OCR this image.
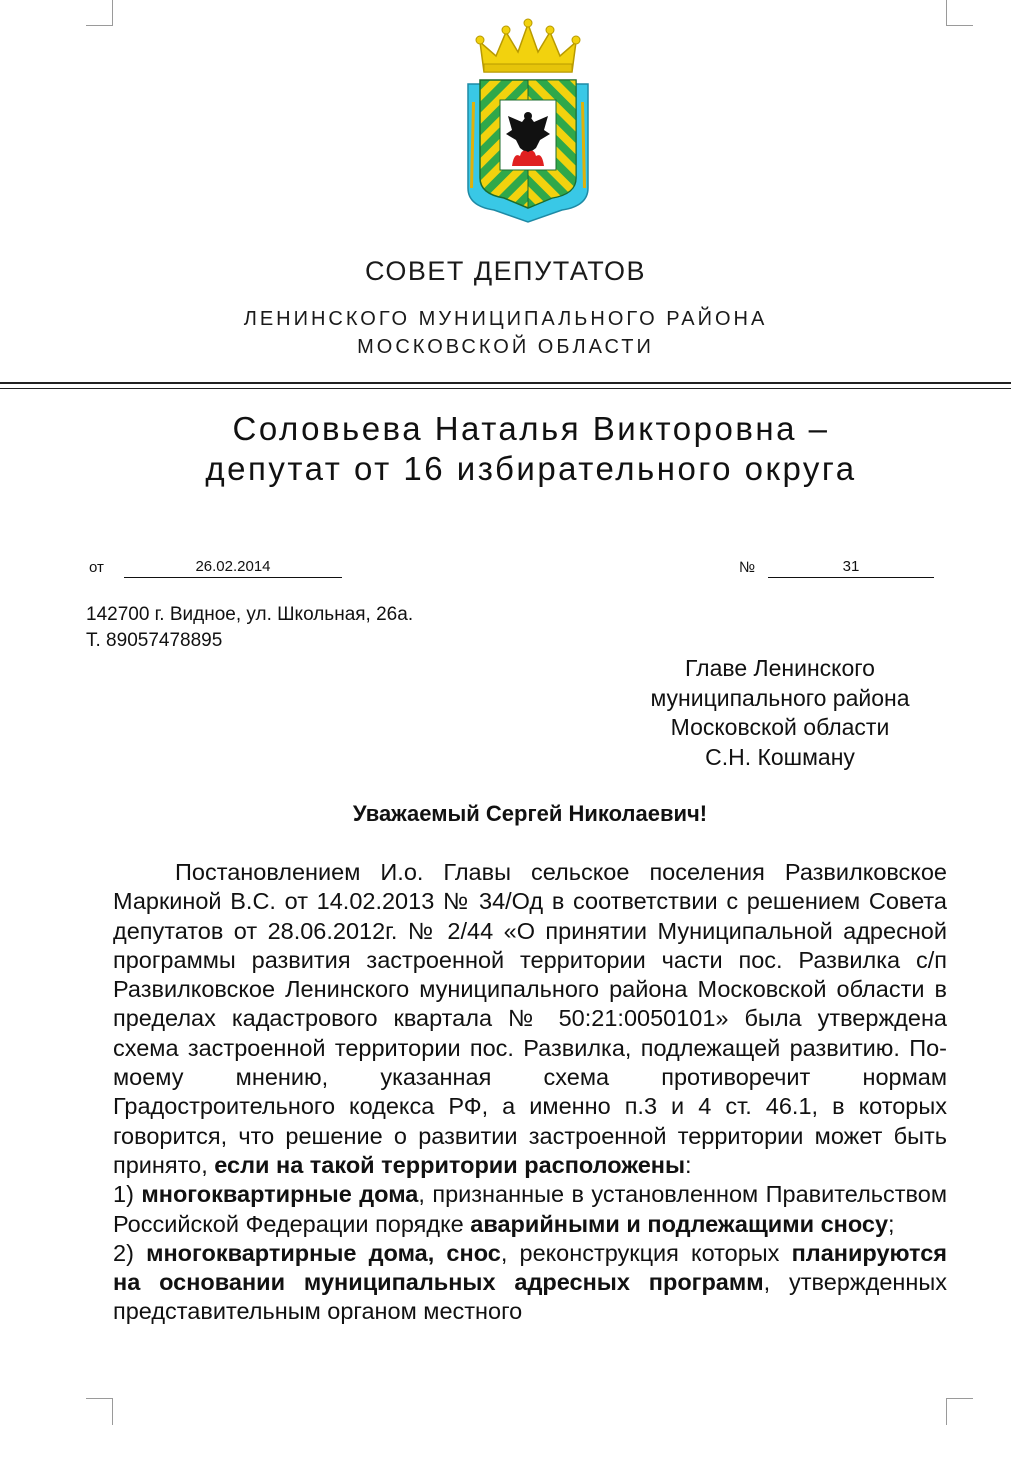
СОВЕТ ДЕПУТАТОВ
ЛЕНИНСКОГО МУНИЦИПАЛЬНОГО РАЙОНА
МОСКОВСКОЙ ОБЛАСТИ
Соловьева Наталья Викторовна –
депутат от 16 избирательного округа
от	26.02.2014	№	31
142700 г. Видное, ул. Школьная, 26а.
Т. 89057478895
Главе Ленинского
муниципального района
Московской области
С.Н. Кошману
Уважаемый Сергей Николаевич!

Постановлением И.о. Главы сельское поселения Развилковское Маркиной В.С. от 14.02.2013 № 34/Од в соответствии с решением Совета депутатов от 28.06.2012г. № 2/44 «О принятии Муниципальной адресной программы развития застроенной территории части пос. Развилка с/п Развилковское Ленинского муниципального района Московской области в пределах кадастрового квартала № 50:21:0050101» была утверждена схема застроенной территории пос. Развилка, подлежащей развитию. По-моему мнению, указанная схема противоречит нормам Градостроительного кодекса РФ, а именно п.3 и 4 ст. 46.1, в которых говорится, что решение о развитии застроенной территории может быть принято, если на такой территории расположены:

1) многоквартирные дома, признанные в установленном Правительством Российской Федерации порядке аварийными и подлежащими сносу;

2) многоквартирные дома, снос, реконструкция которых планируются на основании муниципальных адресных программ, утвержденных представительным органом местного
